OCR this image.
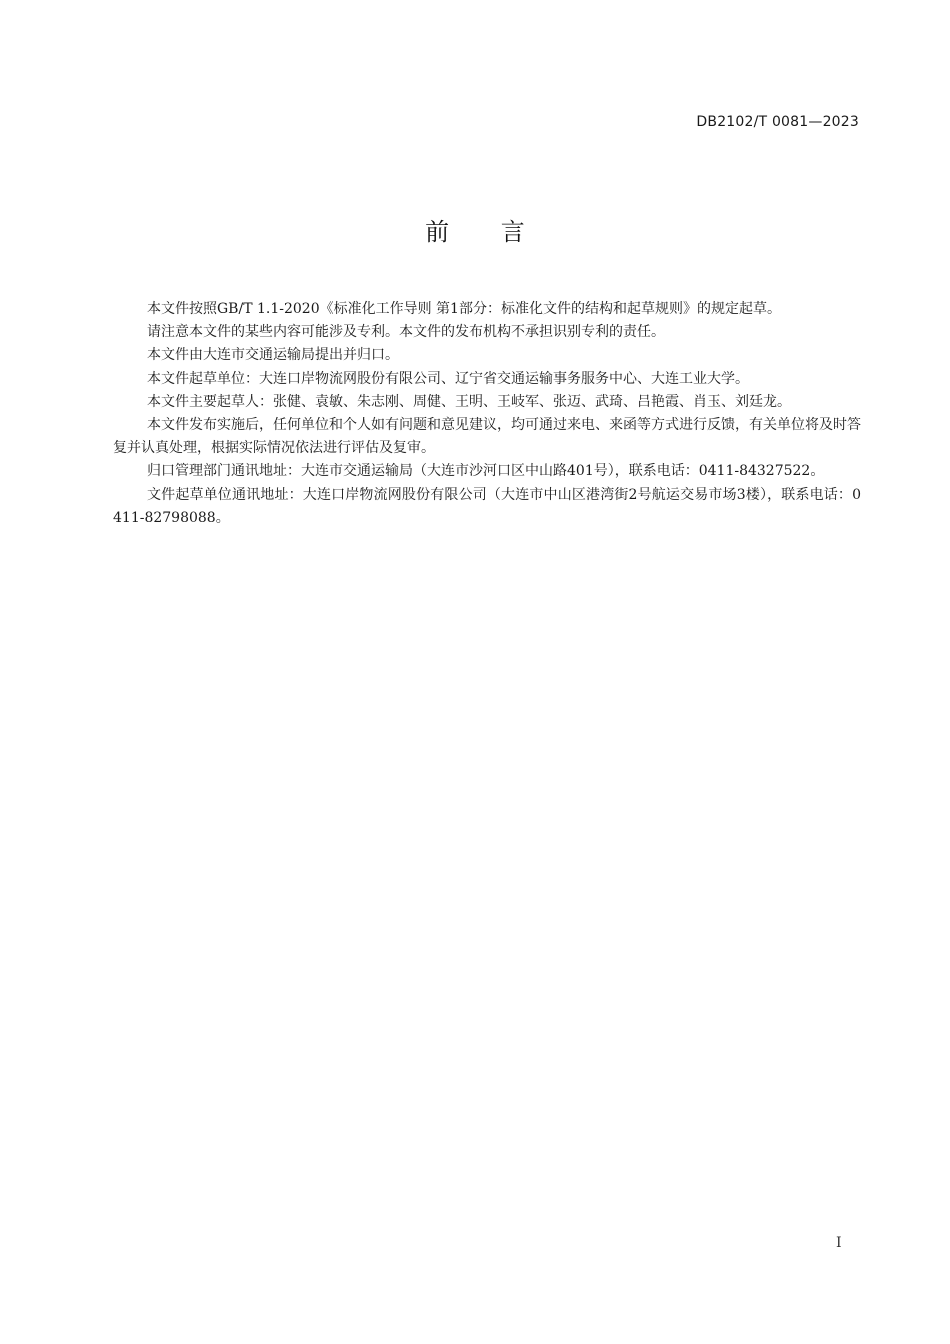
DB2102/T 0081—2023
前 言

本文件按照GB/T 1.1-2020《标准化工作导则 第1部分：标准化文件的结构和起草规则》的规定起草。

请注意本文件的某些内容可能涉及专利。本文件的发布机构不承担识别专利的责任。

本文件由大连市交通运输局提出并归口。

本文件起草单位：大连口岸物流网股份有限公司、辽宁省交通运输事务服务中心、大连工业大学。

本文件主要起草人：张健、袁敏、朱志刚、周健、王明、王岐军、张迈、武琦、吕艳霞、肖玉、刘廷龙。

本文件发布实施后，任何单位和个人如有问题和意见建议，均可通过来电、来函等方式进行反馈，有关单位将及时答复并认真处理，根据实际情况依法进行评估及复审。

归口管理部门通讯地址：大连市交通运输局（大连市沙河口区中山路401号），联系电话：0411-84327522。

文件起草单位通讯地址：大连口岸物流网股份有限公司（大连市中山区港湾街2号航运交易市场3楼），联系电话：0411-82798088。

I
